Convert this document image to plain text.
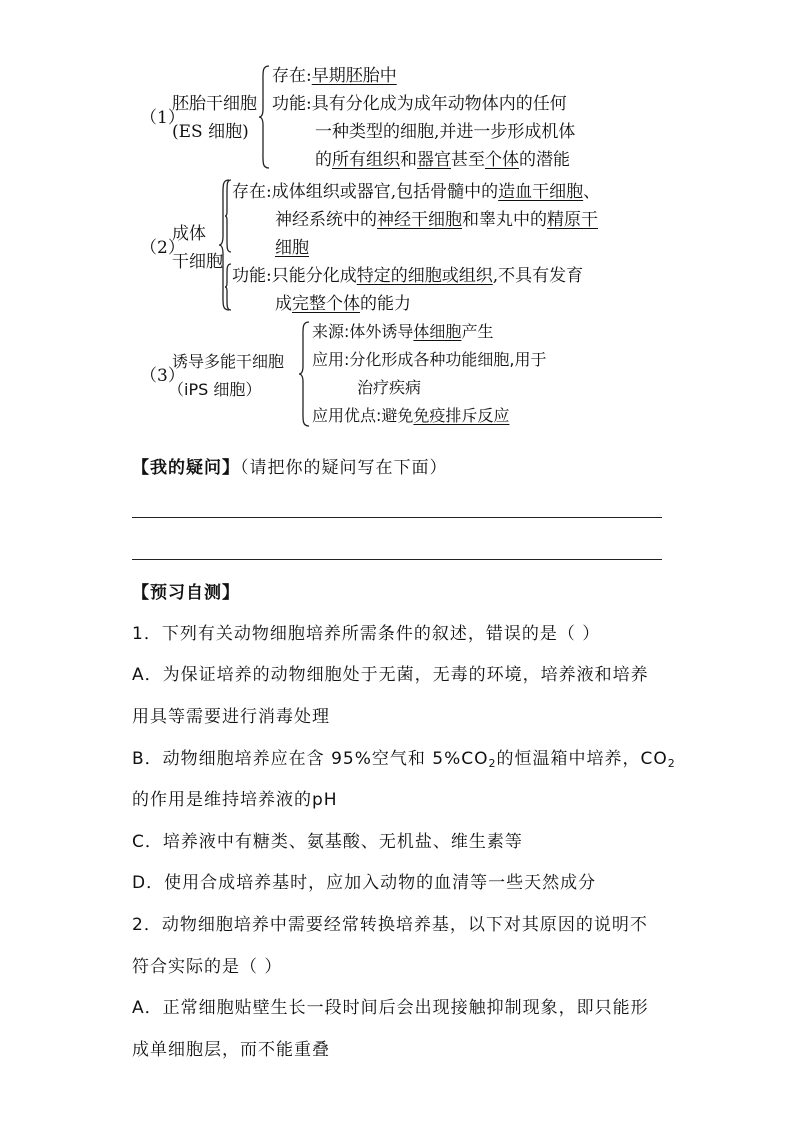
（1）
胚胎干细胞
(ES 细胞)
存在:早期胚胎中
功能:具有分化成为成年动物体内的任何
一种类型的细胞,并进一步形成机体
的所有组织和器官甚至个体的潜能
（2）
成体
干细胞
存在:成体组织或器官,包括骨髓中的造血干细胞、
神经系统中的神经干细胞和睾丸中的精原干
细胞
功能:只能分化成特定的细胞或组织,不具有发育
成完整个体的能力
（3）
诱导多能干细胞
（iPS 细胞）
来源:体外诱导体细胞产生
应用:分化形成各种功能细胞,用于
治疗疾病
应用优点:避免免疫排斥反应
【我的疑问】（请把你的疑问写在下面）
【预习自测】
1．下列有关动物细胞培养所需条件的叙述，错误的是（ ）
A．为保证培养的动物细胞处于无菌，无毒的环境，培养液和培养
用具等需要进行消毒处理
B．动物细胞培养应在含 95%空气和 $5\%CO_2$的恒温箱中培养，$CO_2$
的作用是维持培养液的pH
C．培养液中有糖类、氨基酸、无机盐、维生素等
D．使用合成培养基时，应加入动物的血清等一些天然成分
2．动物细胞培养中需要经常转换培养基，以下对其原因的说明不
符合实际的是（ ）
A．正常细胞贴壁生长一段时间后会出现接触抑制现象，即只能形
成单细胞层，而不能重叠
